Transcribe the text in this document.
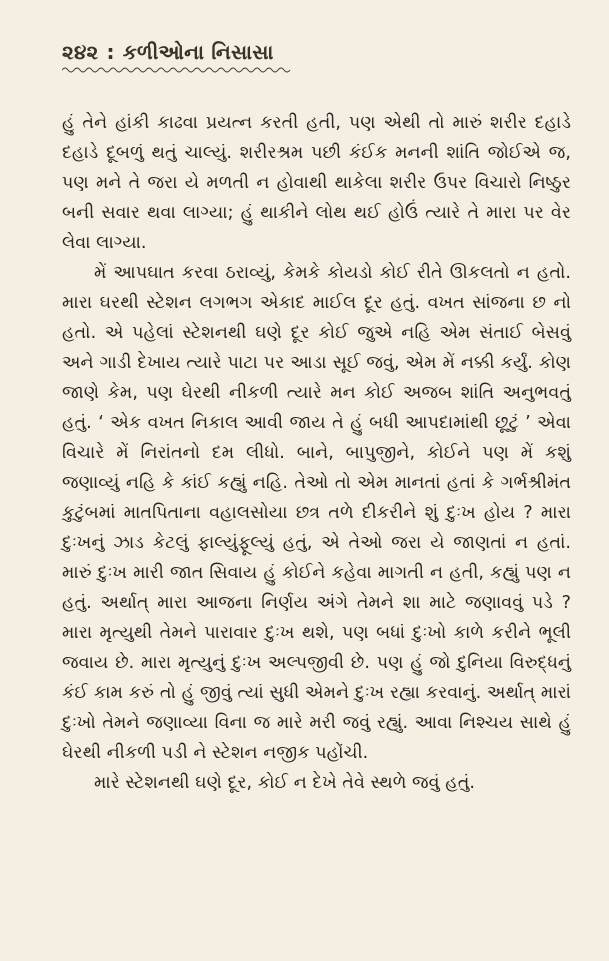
૨૪૨ : કળીઓના નિસાસા

હું તેને હાંકી કાઢવા પ્રયત્ન કરતી હતી, પણ એથી તો મારું શરીર દહાડે દહાડે દૂબળું થતું ચાલ્યું. શરીરશ્રમ પછી કંઈક મનની શાંતિ જોઈએ જ, પણ મને તે જરા યે મળતી ન હોવાથી થાકેલા શરીર ઉપર વિચારો નિષ્ઠુર બની સવાર થવા લાગ્યા; હું થાકીને લોથ થઈ હોઉં ત્યારે તે મારા પર વેર લેવા લાગ્યા.

મેં આપઘાત કરવા ઠરાવ્યું, કેમકે કોયડો કોઈ રીતે ઊકલતો ન હતો. મારા ઘરથી સ્ટેશન લગભગ એકાદ માઈલ દૂર હતું. વખત સાંજના છ નો હતો. એ પહેલાં સ્ટેશનથી ઘણે દૂર કોઈ જુએ નહિ એમ સંતાઈ બેસવું અને ગાડી દેખાય ત્યારે પાટા પર આડા સૂઈ જવું, એમ મેં નક્કી કર્યું. કોણ જાણે કેમ, પણ ઘેરથી નીકળી ત્યારે મન કોઈ અજબ શાંતિ અનુભવતું હતું. ‘ એક વખત નિકાલ આવી જાય તે હું બધી આપદામાંથી છૂટું ’ એવા વિચારે મેં નિરાંતનો દમ લીધો. બાને, બાપુજીને, કોઈને પણ મેં કશું જણાવ્યું નહિ કે કાંઈ કહ્યું નહિ. તેઓ તો એમ માનતાં હતાં કે ગર્ભશ્રીમંત કુટુંબમાં માતપિતાના વહાલસોયા છત્ર તળે દીકરીને શું દુઃખ હોય ? મારા દુઃખનું ઝાડ કેટલું ફાલ્યુંફૂલ્યું હતું, એ તેઓ જરા યે જાણતાં ન હતાં. મારું દુઃખ મારી જાત સિવાય હું કોઈને કહેવા માગતી ન હતી, કહ્યું પણ ન હતું. અર્થાત્ મારા આજના નિર્ણય અંગે તેમને શા માટે જણાવવું પડે ? મારા મૃત્યુથી તેમને પારાવાર દુઃખ થશે, પણ બધાં દુઃખો કાળે કરીને ભૂલી જવાય છે. મારા મૃત્યુનું દુઃખ અલ્પજીવી છે. પણ હું જો દુનિયા વિરુદ્ધનું કંઈ કામ કરું તો હું જીવું ત્યાં સુધી એમને દુઃખ રહ્યા કરવાનું. અર્થાત્ મારાં દુઃખો તેમને જણાવ્યા વિના જ મારે મરી જવું રહ્યું. આવા નિશ્ચય સાથે હું ઘેરથી નીકળી પડી ને સ્ટેશન નજીક પહોંચી.

મારે સ્ટેશનથી ઘણે દૂર, કોઈ ન દેખે તેવે સ્થળે જવું હતું.
